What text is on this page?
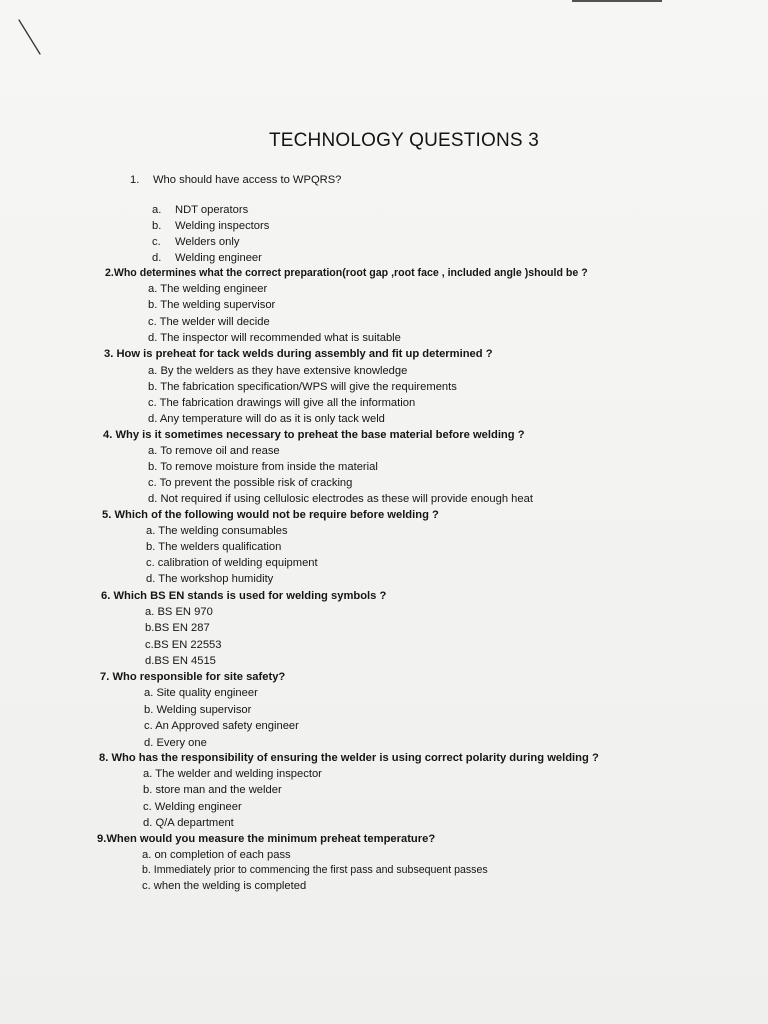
TECHNOLOGY QUESTIONS 3
1. Who should have access to WPQRS?
a. NDT operators
b. Welding inspectors
c. Welders only
d. Welding engineer
2.Who determines what the correct preparation(root gap ,root face , included angle )should be ?
a. The welding engineer
b. The welding supervisor
c. The welder will decide
d. The inspector will recommended what is suitable
3. How is preheat for tack welds during assembly and fit up determined ?
a. By the welders as they have extensive knowledge
b. The fabrication specification/WPS will give the requirements
c. The fabrication drawings will give all the information
d. Any temperature will do as it is only tack weld
4. Why is it sometimes necessary to preheat the base material before welding ?
a. To remove oil and rease
b. To remove moisture from inside the material
c. To prevent the possible risk of cracking
d. Not required if using cellulosic electrodes as these will provide enough heat
5. Which of the following would not be require before welding ?
a. The welding consumables
b. The welders qualification
c. calibration of welding equipment
d. The workshop humidity
6. Which BS EN stands is used for welding symbols ?
a. BS EN 970
b.BS EN 287
c.BS EN 22553
d.BS EN 4515
7. Who responsible for site safety?
a. Site quality engineer
b. Welding supervisor
c. An Approved safety engineer
d. Every one
8. Who has the responsibility of ensuring the welder is using correct polarity during welding ?
a. The welder and welding inspector
b. store man and the welder
c. Welding engineer
d. Q/A department
9.When would you measure the minimum preheat temperature?
a. on completion of each pass
b. Immediately prior to commencing the first pass and subsequent passes
c. when the welding is completed
